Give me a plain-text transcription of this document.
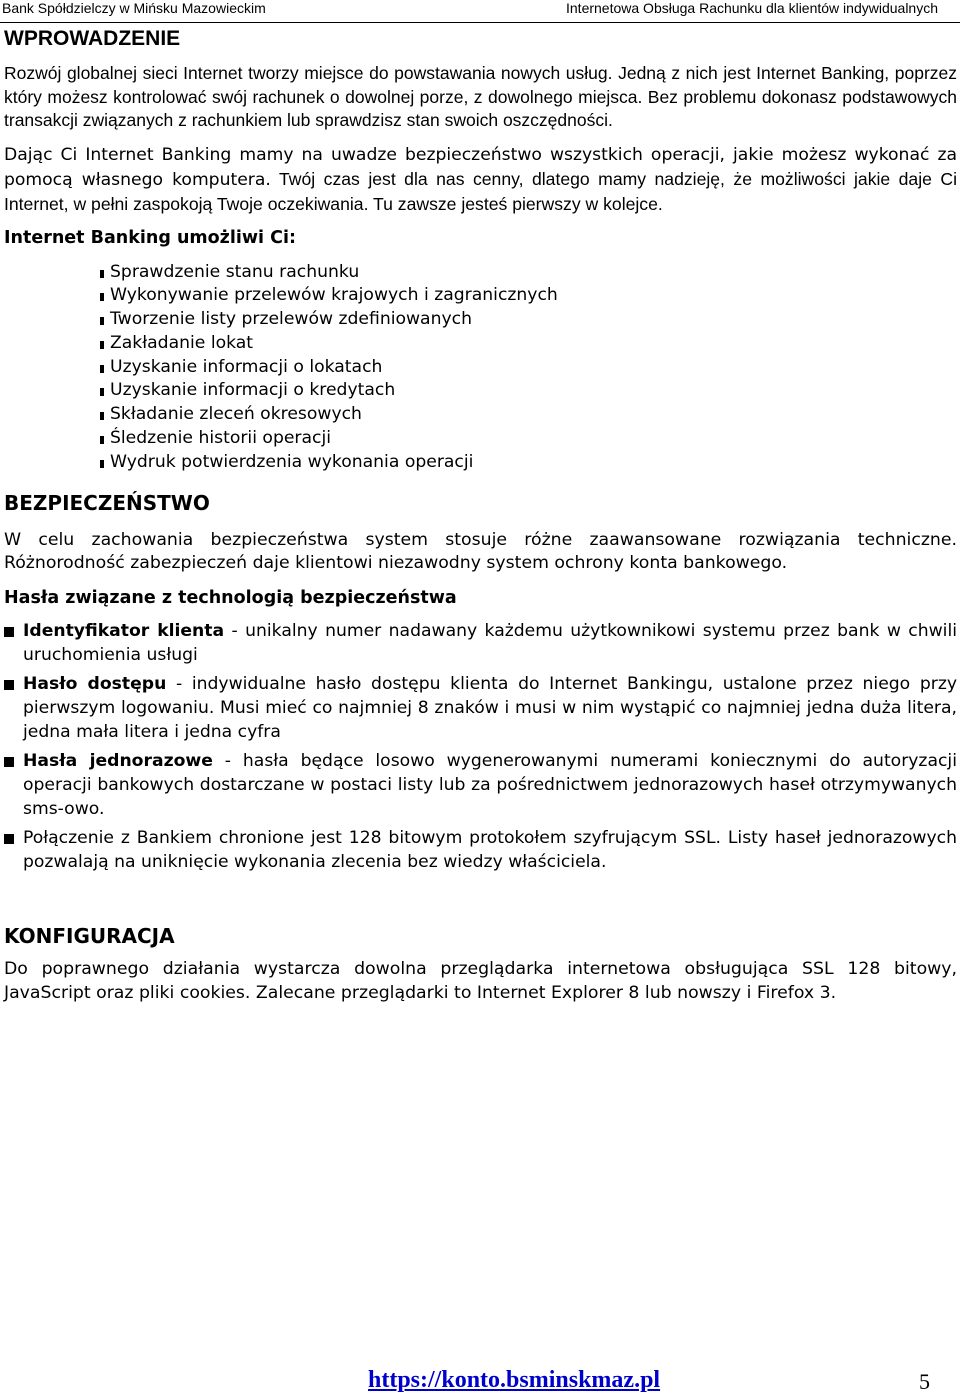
Bank Spółdzielczy w Mińsku Mazowieckim	Internetowa Obsługa Rachunku dla klientów indywidualnych
WPROWADZENIE

Rozwój globalnej sieci Internet tworzy miejsce do powstawania nowych usług. Jedną z nich jest Internet Banking, poprzez który możesz kontrolować swój rachunek o dowolnej porze, z dowolnego miejsca. Bez problemu dokonasz podstawowych transakcji związanych z rachunkiem lub sprawdzisz stan swoich oszczędności.

Dając Ci Internet Banking mamy na uwadze bezpieczeństwo wszystkich operacji, jakie możesz wykonać za pomocą własnego komputera. Twój czas jest dla nas cenny, dlatego mamy nadzieję, że możliwości jakie daje Ci Internet, w pełni zaspokoją Twoje oczekiwania. Tu zawsze jesteś pierwszy w kolejce.

Internet Banking umożliwi Ci:
Sprawdzenie stanu rachunku
Wykonywanie przelewów krajowych i zagranicznych
Tworzenie listy przelewów zdefiniowanych
Zakładanie lokat
Uzyskanie informacji o lokatach
Uzyskanie informacji o kredytach
Składanie zleceń okresowych
Śledzenie historii operacji
Wydruk potwierdzenia wykonania operacji
BEZPIECZEŃSTWO

W celu zachowania bezpieczeństwa system stosuje różne zaawansowane rozwiązania techniczne. Różnorodność zabezpieczeń daje klientowi niezawodny system ochrony konta bankowego.

Hasła związane z technologią bezpieczeństwa
Identyfikator klienta - unikalny numer nadawany każdemu użytkownikowi systemu przez bank w chwili uruchomienia usługi
Hasło dostępu - indywidualne hasło dostępu klienta do Internet Bankingu, ustalone przez niego przy pierwszym logowaniu. Musi mieć co najmniej 8 znaków i musi w nim wystąpić co najmniej jedna duża litera, jedna mała litera i jedna cyfra
Hasła jednorazowe - hasła będące losowo wygenerowanymi numerami koniecznymi do autoryzacji operacji bankowych dostarczane w postaci listy lub za pośrednictwem jednorazowych haseł otrzymywanych sms-owo.
Połączenie z Bankiem chronione jest 128 bitowym protokołem szyfrującym SSL. Listy haseł jednorazowych pozwalają na uniknięcie wykonania zlecenia bez wiedzy właściciela.
KONFIGURACJA

Do poprawnego działania wystarcza dowolna przeglądarka internetowa obsługująca SSL 128 bitowy, JavaScript oraz pliki cookies. Zalecane przeglądarki to Internet Explorer 8 lub nowszy i Firefox 3.

https://konto.bsminskmaz.pl	5
